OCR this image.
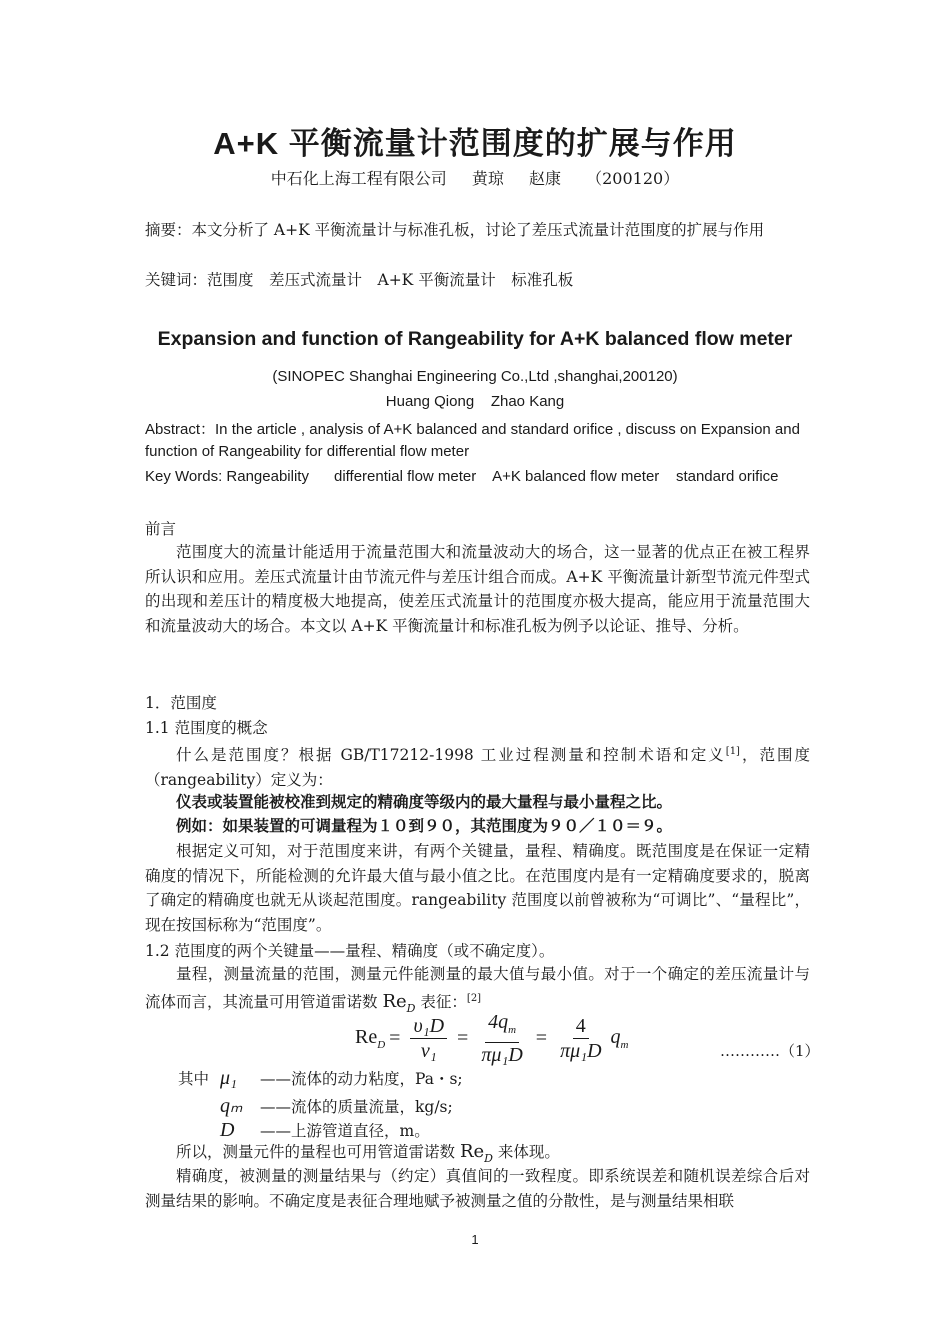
A+K 平衡流量计范围度的扩展与作用
中石化上海工程有限公司 黄琼 赵康 （200120）
摘要：本文分析了 A+K 平衡流量计与标准孔板，讨论了差压式流量计范围度的扩展与作用
关键词：范围度　差压式流量计　A+K 平衡流量计　标准孔板
Expansion and function of Rangeability for A+K balanced flow meter
(SINOPEC Shanghai Engineering Co.,Ltd ,shanghai,200120)
Huang Qiong    Zhao Kang
Abstract：In the article , analysis of A+K balanced and standard orifice , discuss on Expansion and
function of Rangeability for differential flow meter
Key Words: Rangeability      differential flow meter    A+K balanced flow meter    standard orifice
前言
范围度大的流量计能适用于流量范围大和流量波动大的场合，这一显著的优点正在被工程界所认识和应用。差压式流量计由节流元件与差压计组合而成。A+K 平衡流量计新型节流元件型式的出现和差压计的精度极大地提高，使差压式流量计的范围度亦极大提高，能应用于流量范围大和流量波动大的场合。本文以 A+K 平衡流量计和标准孔板为例予以论证、推导、分析。
1．范围度
1.1 范围度的概念
什么是范围度？根据 GB/T17212-1998 工业过程测量和控制术语和定义[1]，范围度（rangeability）定义为：
仪表或装置能被校准到规定的精确度等级内的最大量程与最小量程之比。
例如：如果装置的可调量程为１０到９０，其范围度为９０／１０＝９。
根据定义可知，对于范围度来讲，有两个关键量，量程、精确度。既范围度是在保证一定精确度的情况下，所能检测的允许最大值与最小值之比。在范围度内是有一定精确度要求的，脱离了确定的精确度也就无从谈起范围度。rangeability 范围度以前曾被称为“可调比”、“量程比”，现在按国标称为“范围度”。
1.2 范围度的两个关键量——量程、精确度（或不确定度）。
量程，测量流量的范围，测量元件能测量的最大值与最小值。对于一个确定的差压流量计与流体而言，其流量可用管道雷诺数 $Re_D$ 表征：[2]
$Re_D = \frac{\text{υ₁D}}{\text{ν₁}} = \frac{4q_m}{\text{πμ₁D}} = \frac{4}{\text{πμ₁D}} q_m$	…………（1）
其中 μ₁ ——流体的动力粘度，Pa・s;
qₘ ——流体的质量流量，kg/s;
D ——上游管道直径，m。
所以，测量元件的量程也可用管道雷诺数 $Re_D$ 来体现。
精确度，被测量的测量结果与（约定）真值间的一致程度。即系统误差和随机误差综合后对测量结果的影响。不确定度是表征合理地赋予被测量之值的分散性，是与测量结果相联
1
